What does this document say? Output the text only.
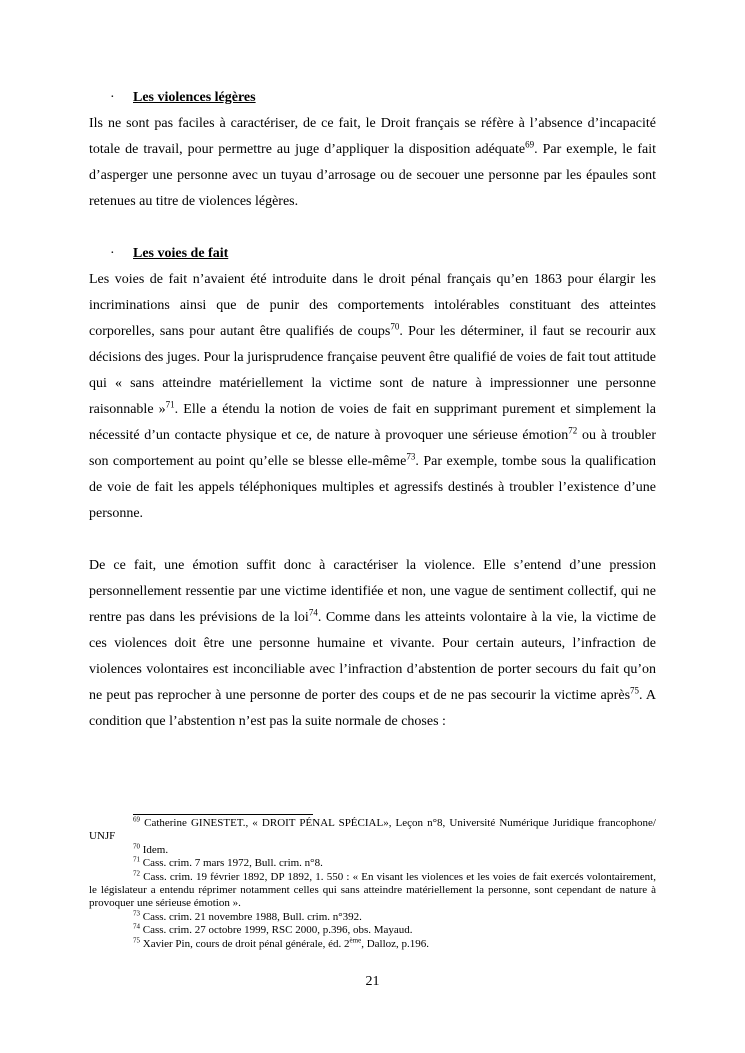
· Les violences légères

Ils ne sont pas faciles à caractériser, de ce fait, le Droit français se réfère à l’absence d’incapacité totale de travail, pour permettre au juge d’appliquer la disposition adéquate$^{69}$. Par exemple, le fait d’asperger une personne avec un tuyau d’arrosage ou de secouer une personne par les épaules sont retenues au titre de violences légères.

· Les voies de fait

Les voies de fait n’avaient été introduite dans le droit pénal français qu’en 1863 pour élargir les incriminations ainsi que de punir des comportements intolérables constituant des atteintes corporelles, sans pour autant être qualifiés de coups$^{70}$. Pour les déterminer, il faut se recourir aux décisions des juges. Pour la jurisprudence française peuvent être qualifié de voies de fait tout attitude qui « sans atteindre matériellement la victime sont de nature à impressionner une personne raisonnable »$^{71}$. Elle a étendu la notion de voies de fait en supprimant purement et simplement la nécessité d’un contacte physique et ce, de nature à provoquer une sérieuse émotion$^{72}$ ou à troubler son comportement au point qu’elle se blesse elle-même$^{73}$. Par exemple, tombe sous la qualification de voie de fait les appels téléphoniques multiples et agressifs destinés à troubler l’existence d’une personne.

De ce fait, une émotion suffit donc à caractériser la violence. Elle s’entend d’une pression personnellement ressentie par une victime identifiée et non, une vague de sentiment collectif, qui ne rentre pas dans les prévisions de la loi$^{74}$. Comme dans les atteints volontaire à la vie, la victime de ces violences doit être une personne humaine et vivante. Pour certain auteurs, l’infraction de violences volontaires est inconciliable avec l’infraction d’abstention de porter secours du fait qu’on ne peut pas reprocher à une personne de porter des coups et de ne pas secourir la victime après$^{75}$. A condition que l’abstention n’est pas la suite normale de choses :

$^{69}$ Catherine GINESTET., « DROIT PÉNAL SPÉCIAL», Leçon n°8, Université Numérique Juridique francophone/ UNJF

$^{70}$ Idem.

$^{71}$ Cass. crim. 7 mars 1972, Bull. crim. n°8.

$^{72}$ Cass. crim. 19 février 1892, DP 1892, 1. 550 : « En visant les violences et les voies de fait exercés volontairement, le législateur a entendu réprimer notamment celles qui sans atteindre matériellement la personne, sont cependant de nature à provoquer une sérieuse émotion ».

$^{73}$ Cass. crim. 21 novembre 1988, Bull. crim. n°392.

$^{74}$ Cass. crim. 27 octobre 1999, RSC 2000, p.396, obs. Mayaud.

$^{75}$ Xavier Pin, cours de droit pénal générale, éd. 2ème, Dalloz, p.196.

21
